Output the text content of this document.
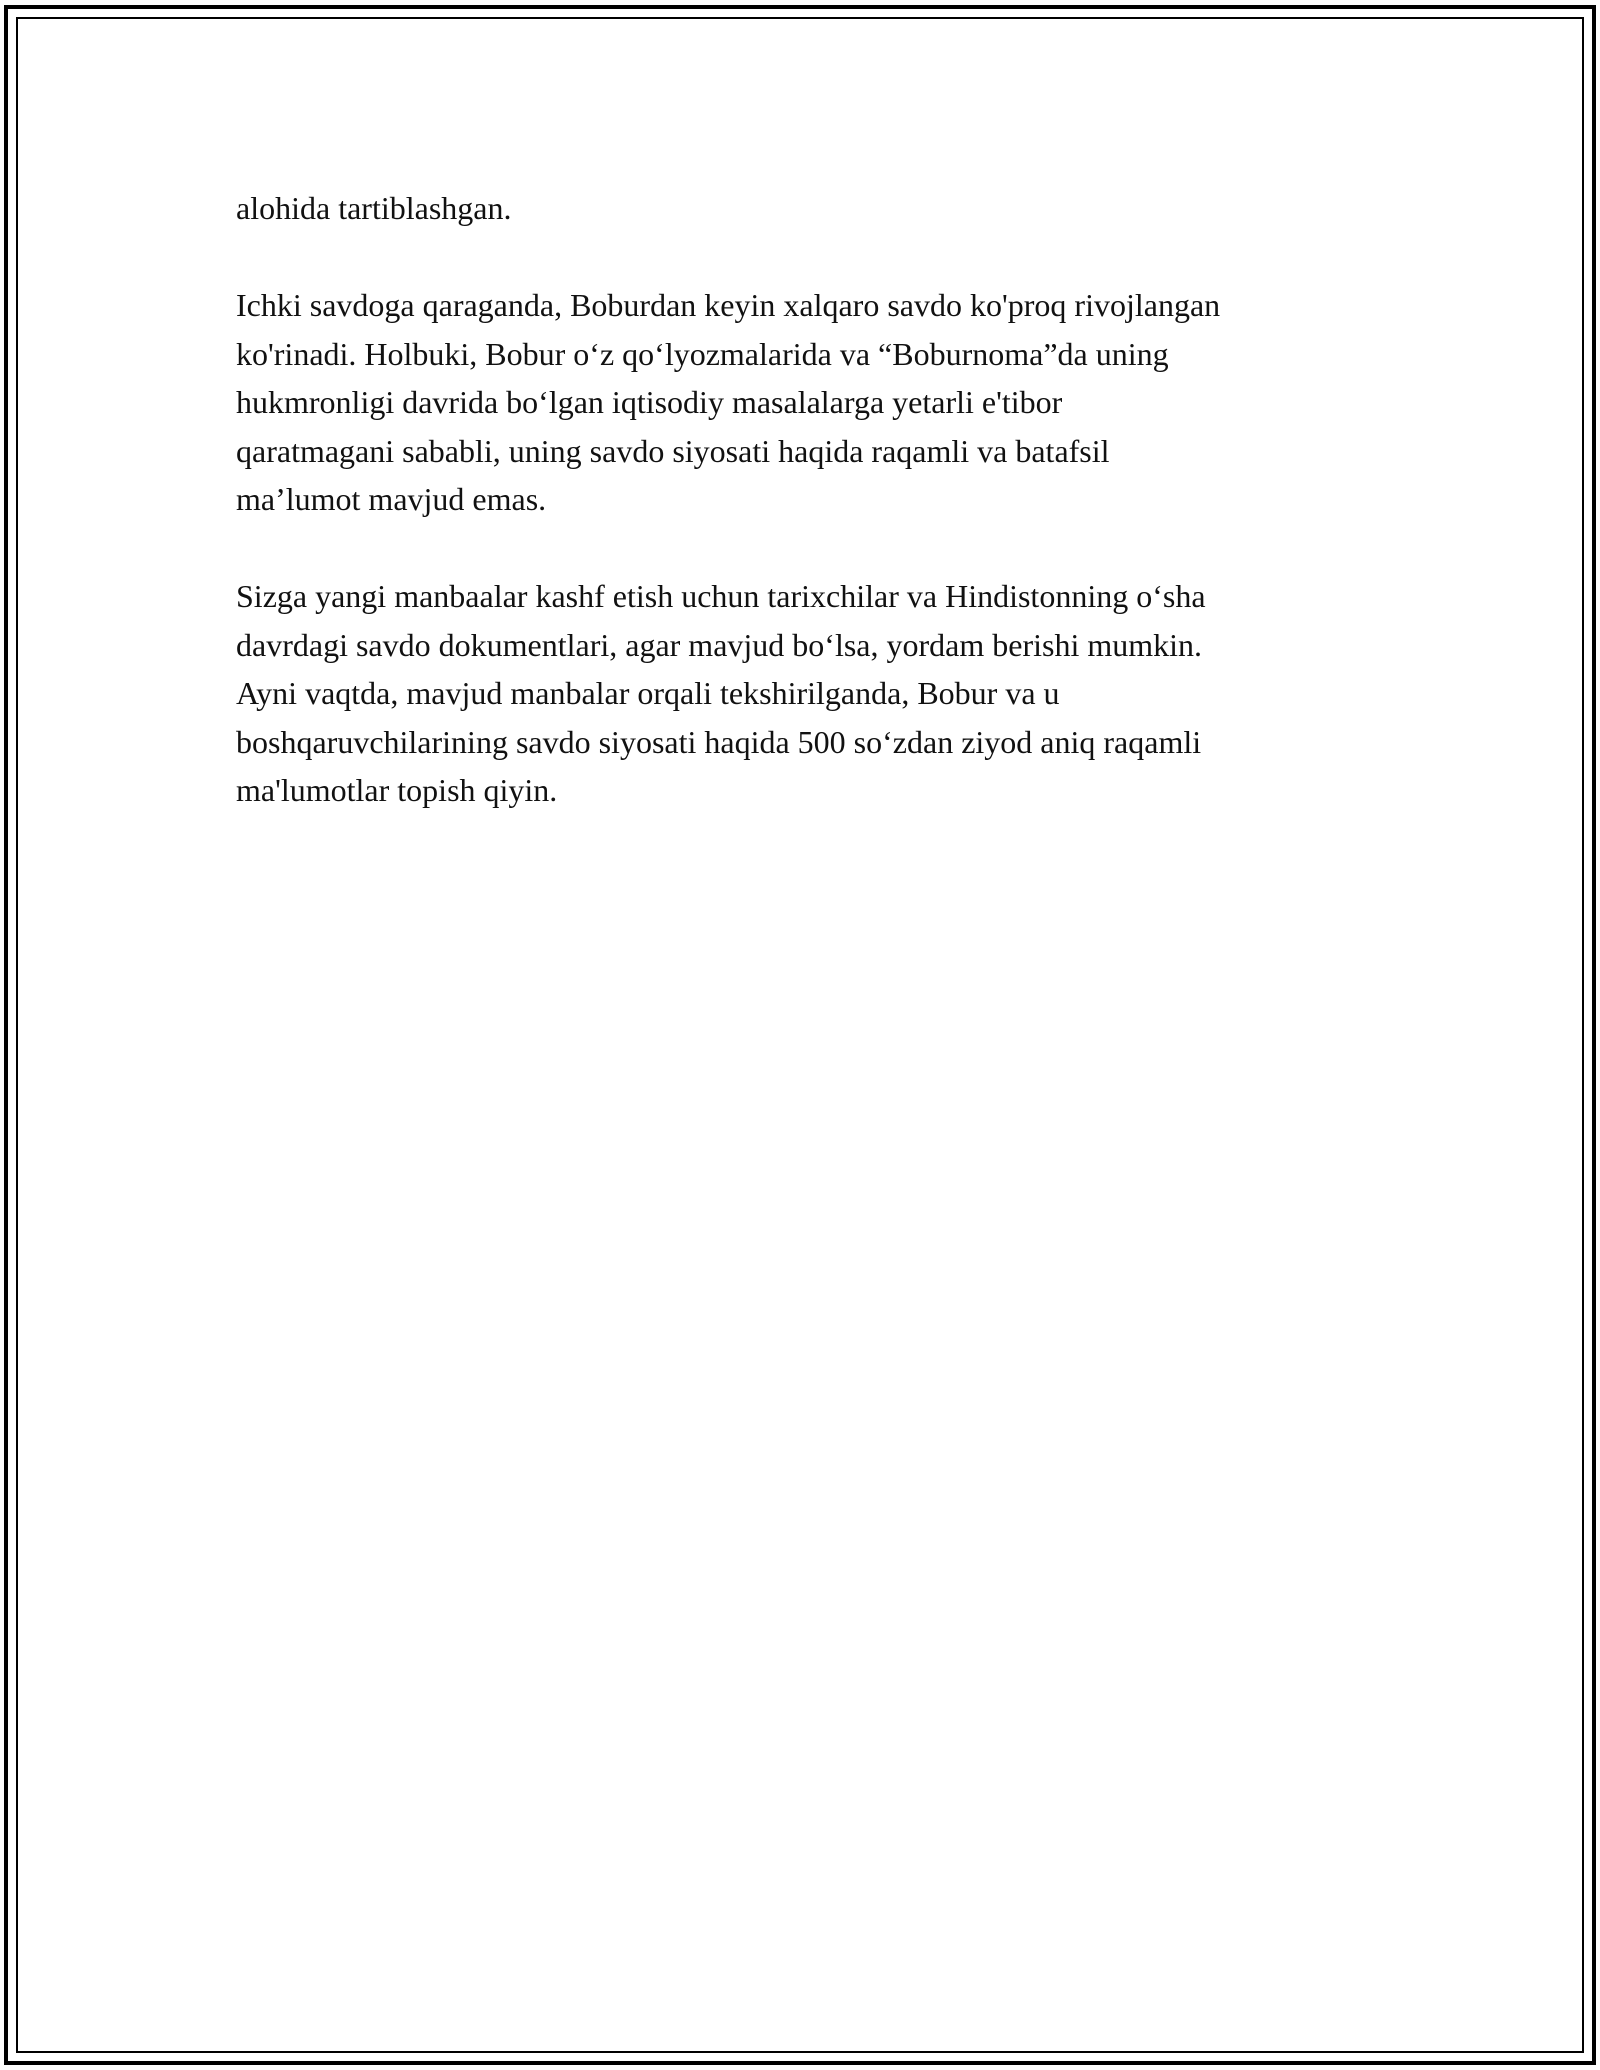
alohida tartiblashgan.
Ichki savdoga qaraganda, Boburdan keyin xalqaro savdo ko'proq rivojlangan
ko'rinadi. Holbuki, Bobur o‘z qo‘lyozmalarida va “Boburnoma”da uning
hukmronligi davrida bo‘lgan iqtisodiy masalalarga yetarli e'tibor
qaratmagani sababli, uning savdo siyosati haqida raqamli va batafsil
ma’lumot mavjud emas.
Sizga yangi manbaalar kashf etish uchun tarixchilar va Hindistonning o‘sha
davrdagi savdo dokumentlari, agar mavjud bo‘lsa, yordam berishi mumkin.
Ayni vaqtda, mavjud manbalar orqali tekshirilganda, Bobur va u
boshqaruvchilarining savdo siyosati haqida 500 so‘zdan ziyod aniq raqamli
ma'lumotlar topish qiyin.
